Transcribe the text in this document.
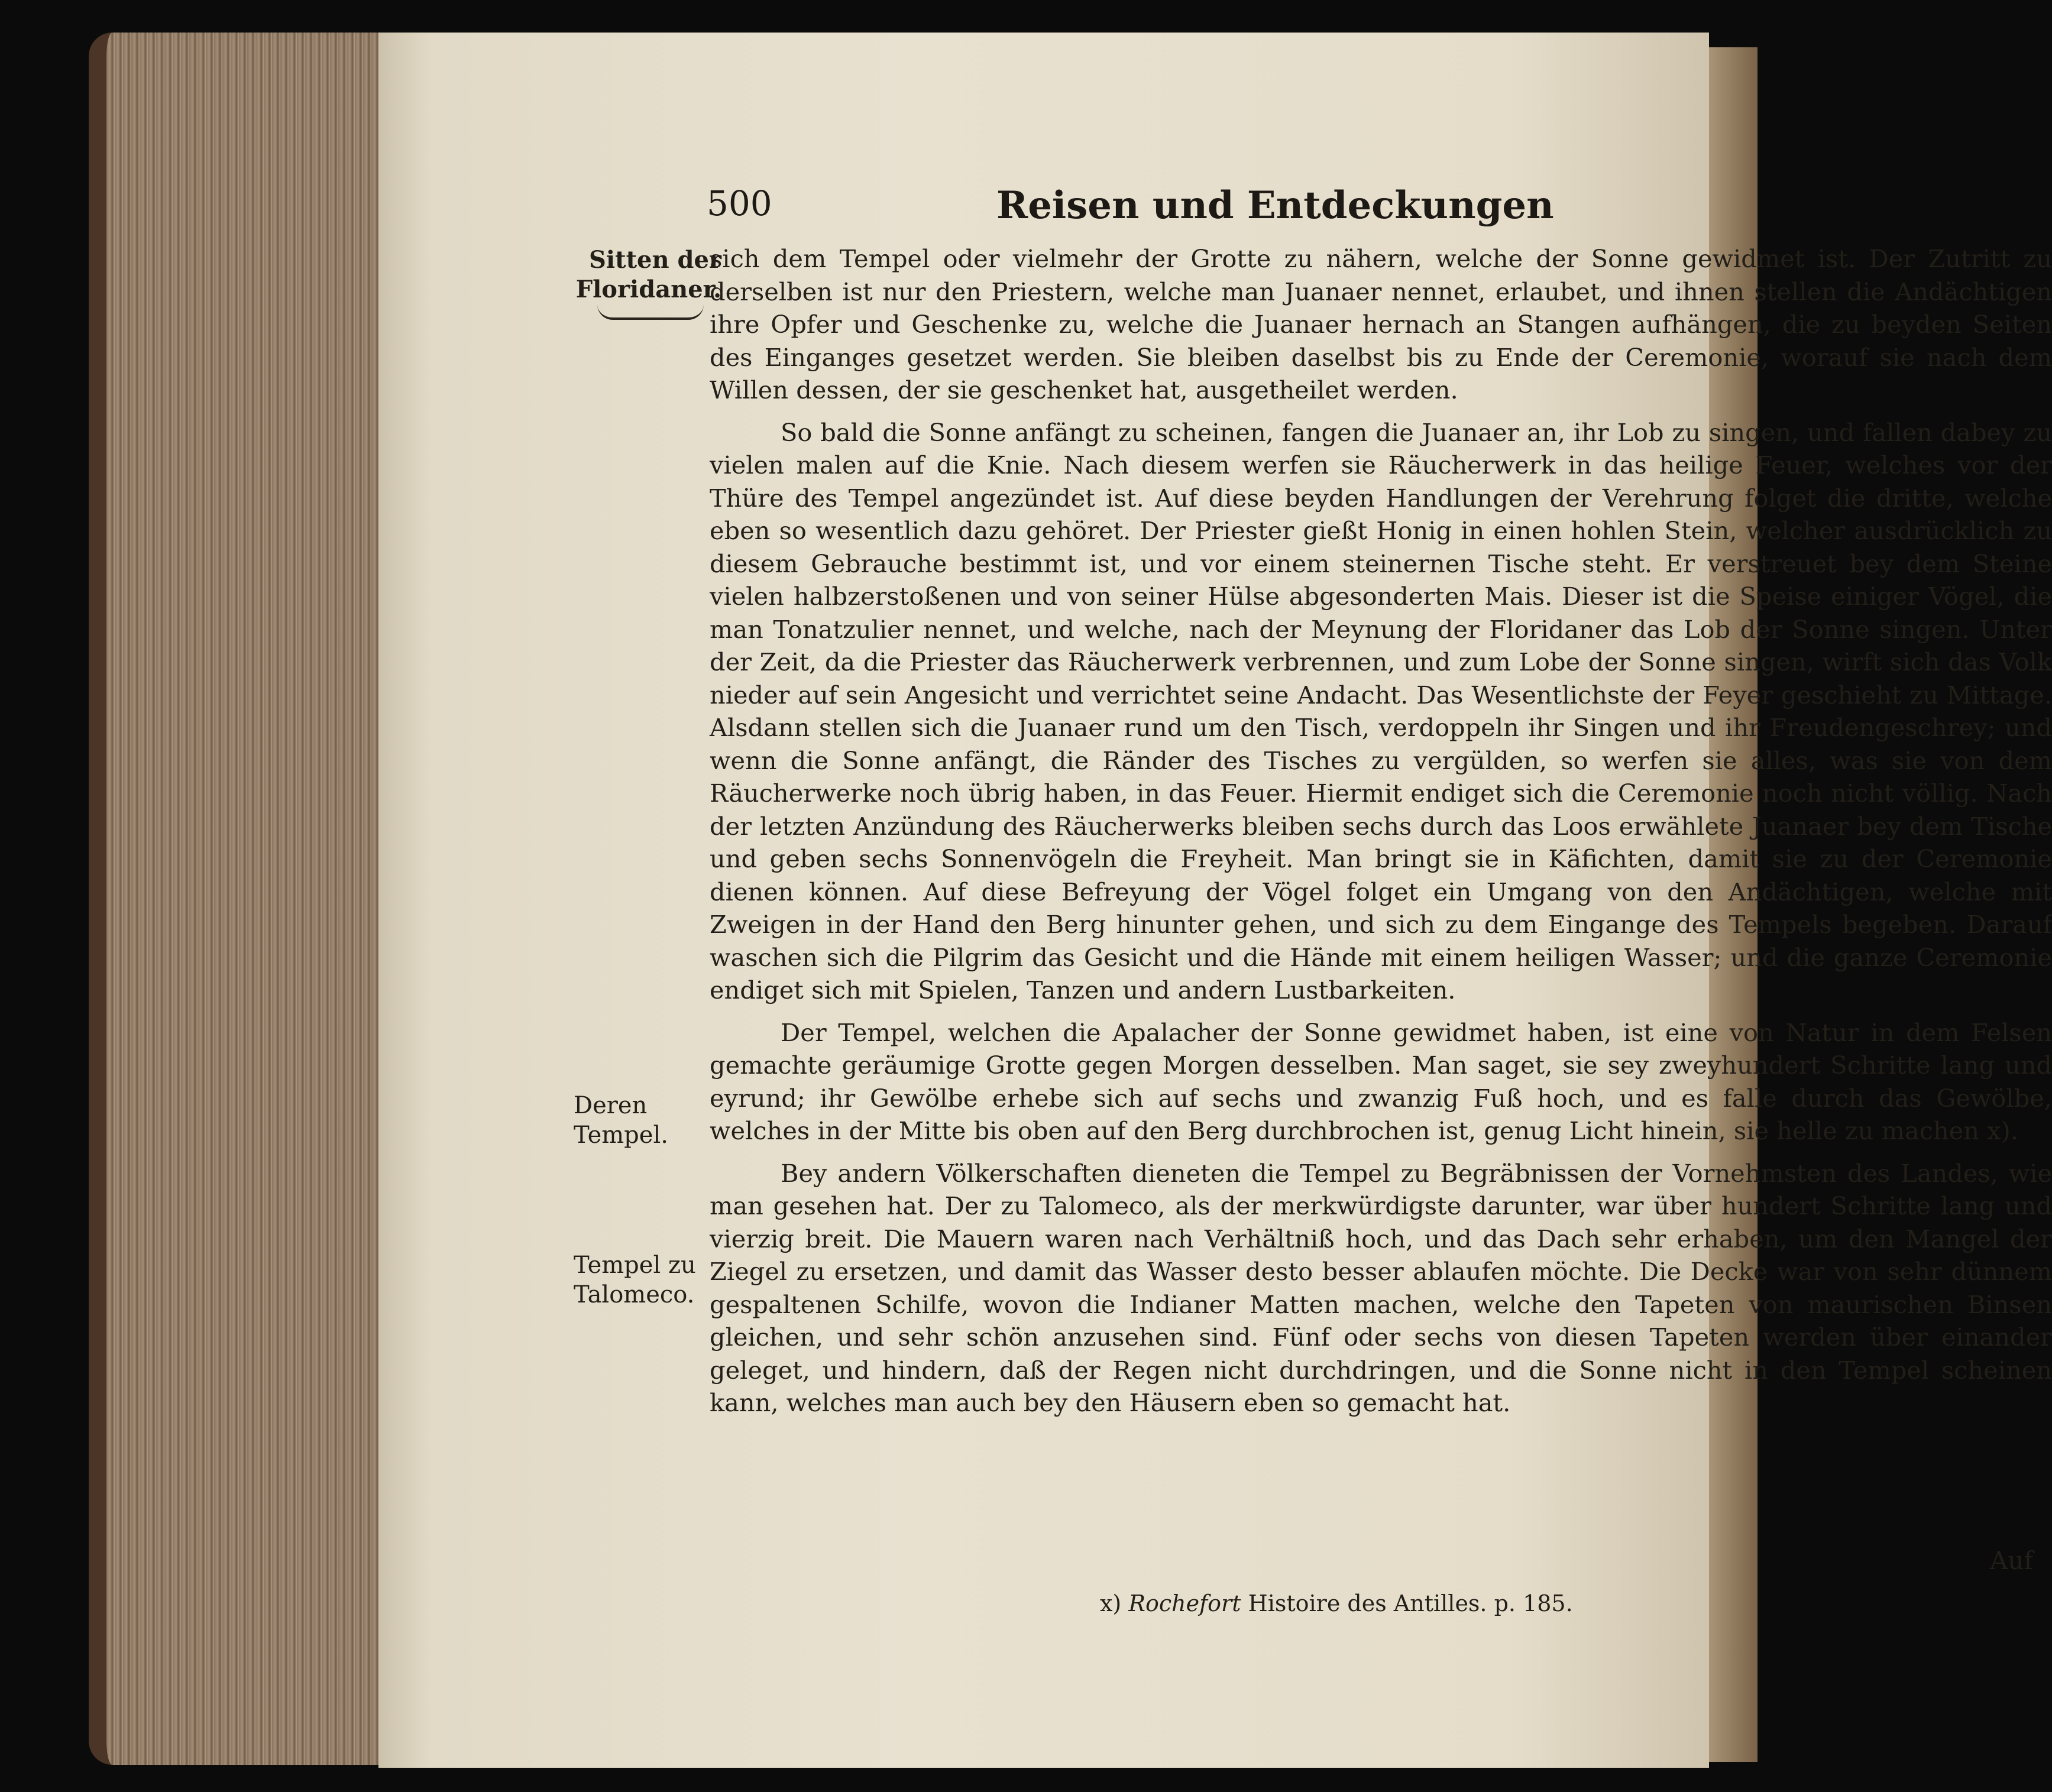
500	Reisen und Entdeckungen
Sitten der Floridaner.
Deren Tempel.
Tempel zu Talomeco.

sich dem Tempel oder vielmehr der Grotte zu nähern, welche der Sonne gewidmet ist. Der Zutritt zu derselben ist nur den Priestern, welche man Juanaer nennet, erlaubet, und ihnen stellen die Andächtigen ihre Opfer und Geschenke zu, welche die Juanaer hernach an Stangen aufhängen, die zu beyden Seiten des Einganges gesetzet werden. Sie bleiben daselbst bis zu Ende der Ceremonie, worauf sie nach dem Willen dessen, der sie geschenket hat, ausgetheilet werden.

So bald die Sonne anfängt zu scheinen, fangen die Juanaer an, ihr Lob zu singen, und fallen dabey zu vielen malen auf die Knie. Nach diesem werfen sie Räucherwerk in das heilige Feuer, welches vor der Thüre des Tempel angezündet ist. Auf diese beyden Handlungen der Verehrung folget die dritte, welche eben so wesentlich dazu gehöret. Der Priester gießt Honig in einen hohlen Stein, welcher ausdrücklich zu diesem Gebrauche bestimmt ist, und vor einem steinernen Tische steht. Er verstreuet bey dem Steine vielen halbzerstoßenen und von seiner Hülse abgesonderten Mais. Dieser ist die Speise einiger Vögel, die man Tonatzulier nennet, und welche, nach der Meynung der Floridaner das Lob der Sonne singen. Unter der Zeit, da die Priester das Räucherwerk verbrennen, und zum Lobe der Sonne singen, wirft sich das Volk nieder auf sein Angesicht und verrichtet seine Andacht. Das Wesentlichste der Feyer geschieht zu Mittage. Alsdann stellen sich die Juanaer rund um den Tisch, verdoppeln ihr Singen und ihr Freudengeschrey; und wenn die Sonne anfängt, die Ränder des Tisches zu vergülden, so werfen sie alles, was sie von dem Räucherwerke noch übrig haben, in das Feuer. Hiermit endiget sich die Ceremonie noch nicht völlig. Nach der letzten Anzündung des Räucherwerks bleiben sechs durch das Loos erwählete Juanaer bey dem Tische und geben sechs Sonnenvögeln die Freyheit. Man bringt sie in Käfichten, damit sie zu der Ceremonie dienen können. Auf diese Befreyung der Vögel folget ein Umgang von den Andächtigen, welche mit Zweigen in der Hand den Berg hinunter gehen, und sich zu dem Eingange des Tempels begeben. Darauf waschen sich die Pilgrim das Gesicht und die Hände mit einem heiligen Wasser; und die ganze Ceremonie endiget sich mit Spielen, Tanzen und andern Lustbarkeiten.

Der Tempel, welchen die Apalacher der Sonne gewidmet haben, ist eine von Natur in dem Felsen gemachte geräumige Grotte gegen Morgen desselben. Man saget, sie sey zweyhundert Schritte lang und eyrund; ihr Gewölbe erhebe sich auf sechs und zwanzig Fuß hoch, und es falle durch das Gewölbe, welches in der Mitte bis oben auf den Berg durchbrochen ist, genug Licht hinein, sie helle zu machen x).

Bey andern Völkerschaften dieneten die Tempel zu Begräbnissen der Vornehmsten des Landes, wie man gesehen hat. Der zu Talomeco, als der merkwürdigste darunter, war über hundert Schritte lang und vierzig breit. Die Mauern waren nach Verhältniß hoch, und das Dach sehr erhaben, um den Mangel der Ziegel zu ersetzen, und damit das Wasser desto besser ablaufen möchte. Die Decke war von sehr dünnem gespaltenen Schilfe, wovon die Indianer Matten machen, welche den Tapeten von maurischen Binsen gleichen, und sehr schön anzusehen sind. Fünf oder sechs von diesen Tapeten werden über einander geleget, und hindern, daß der Regen nicht durchdringen, und die Sonne nicht in den Tempel scheinen kann, welches man auch bey den Häusern eben so gemacht hat.

Auf
x) Rochefort Histoire des Antilles. p. 185.
